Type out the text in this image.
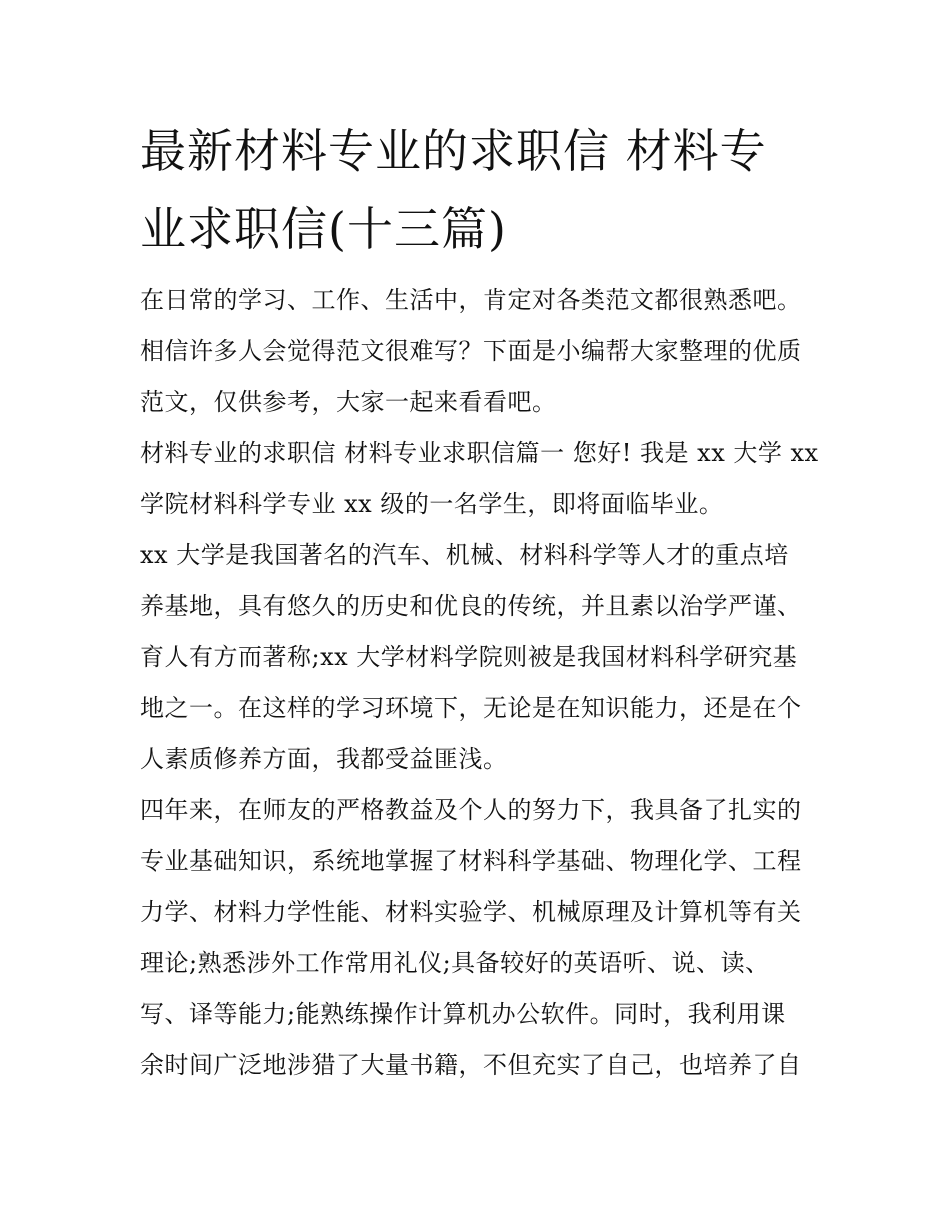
最新材料专业的求职信 材料专
业求职信(十三篇)
在日常的学习、工作、生活中，肯定对各类范文都很熟悉吧。
相信许多人会觉得范文很难写？下面是小编帮大家整理的优质
范文，仅供参考，大家一起来看看吧。
材料专业的求职信 材料专业求职信篇一 您好! 我是 xx 大学 xx
学院材料科学专业 xx 级的一名学生，即将面临毕业。
xx 大学是我国著名的汽车、机械、材料科学等人才的重点培
养基地，具有悠久的历史和优良的传统，并且素以治学严谨、
育人有方而著称;xx 大学材料学院则被是我国材料科学研究基
地之一。在这样的学习环境下，无论是在知识能力，还是在个
人素质修养方面，我都受益匪浅。
四年来，在师友的严格教益及个人的努力下，我具备了扎实的
专业基础知识，系统地掌握了材料科学基础、物理化学、工程
力学、材料力学性能、材料实验学、机械原理及计算机等有关
理论;熟悉涉外工作常用礼仪;具备较好的英语听、说、读、
写、译等能力;能熟练操作计算机办公软件。同时，我利用课
余时间广泛地涉猎了大量书籍，不但充实了自己，也培养了自
